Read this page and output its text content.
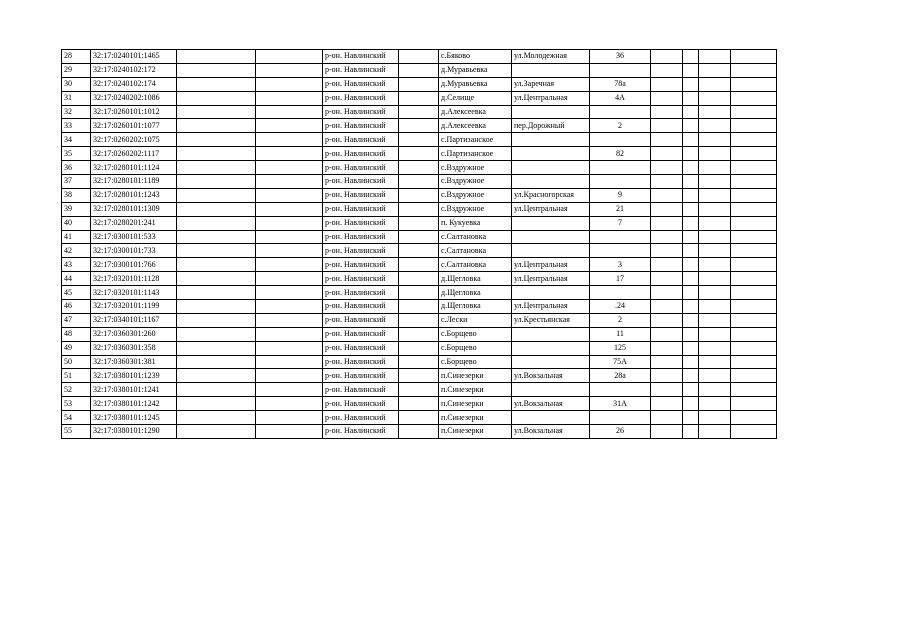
28	32:17:0240101:1465			р-он. Навлинский		с.Бяково	ул.Молодежная	36				
29	32:17:0240102:172			р-он. Навлинский		д.Муравьевка						
30	32:17:0240102:174			р-он. Навлинский		д.Муравьевка	ул.Заречная	78а				
31	32:17:0240202:1086			р-он. Навлинский		д.Селище	ул.Центральная	4А				
32	32:17:0260101:1012			р-он. Навлинский		д.Алексеевка						
33	32:17:0260101:1077			р-он. Навлинский		д.Алексеевка	пер.Дорожный	2				
34	32:17:0260202:1075			р-он. Навлинский		с.Партизанское						
35	32:17:0260202:1117			р-он. Навлинский		с.Партизанское		82				
36	32:17:0280101:1124			р-он. Навлинский		с.Вздружное						
37	32:17:0280101:1189			р-он. Навлинский		с.Вздружное						
38	32:17:0280101:1243			р-он. Навлинский		с.Вздружное	ул.Красногорская	9				
39	32:17:0280101:1309			р-он. Навлинский		с.Вздружное	ул.Центральная	21				
40	32:17:0280201:241			р-он. Навлинский		п. Кукуевка		7				
41	32:17:0300101:533			р-он. Навлинский		с.Салтановка						
42	32:17:0300101:733			р-он. Навлинский		с.Салтановка						
43	32:17:0300101:766			р-он. Навлинский		с.Салтановка	ул.Центральная	3				
44	32:17:0320101:1128			р-он. Навлинский		д.Щегловка	ул.Центральная	17				
45	32:17:0320101:1143			р-он. Навлинский		д.Щегловка						
46	32:17:0320101:1199			р-он. Навлинский		д.Щегловка	ул.Центральная	.24				
47	32:17:0340101:1167			р-он. Навлинский		с.Лески	ул.Крестьянская	2				
48	32:17:0360301:260			р-он. Навлинский		с.Борщево		11				
49	32:17:0360301:358			р-он. Навлинский		с.Борщево		125				
50	32:17:0360301:381			р-он. Навлинский		с.Борщево		75А				
51	32:17:0380101:1239			р-он. Навлинский		п.Синезерки	ул.Вокзальная	28а				
52	32:17:0380101:1241			р-он. Навлинский		п.Синезерки						
53	32:17:0380101:1242			р-он. Навлинский		п.Синезерки	ул.Вокзальная	31А				
54	32:17:0380101:1245			р-он. Навлинский		п.Синезерки						
55	32:17:0380101:1290			р-он. Навлинский		п.Синезерки	ул.Вокзальная	26				
